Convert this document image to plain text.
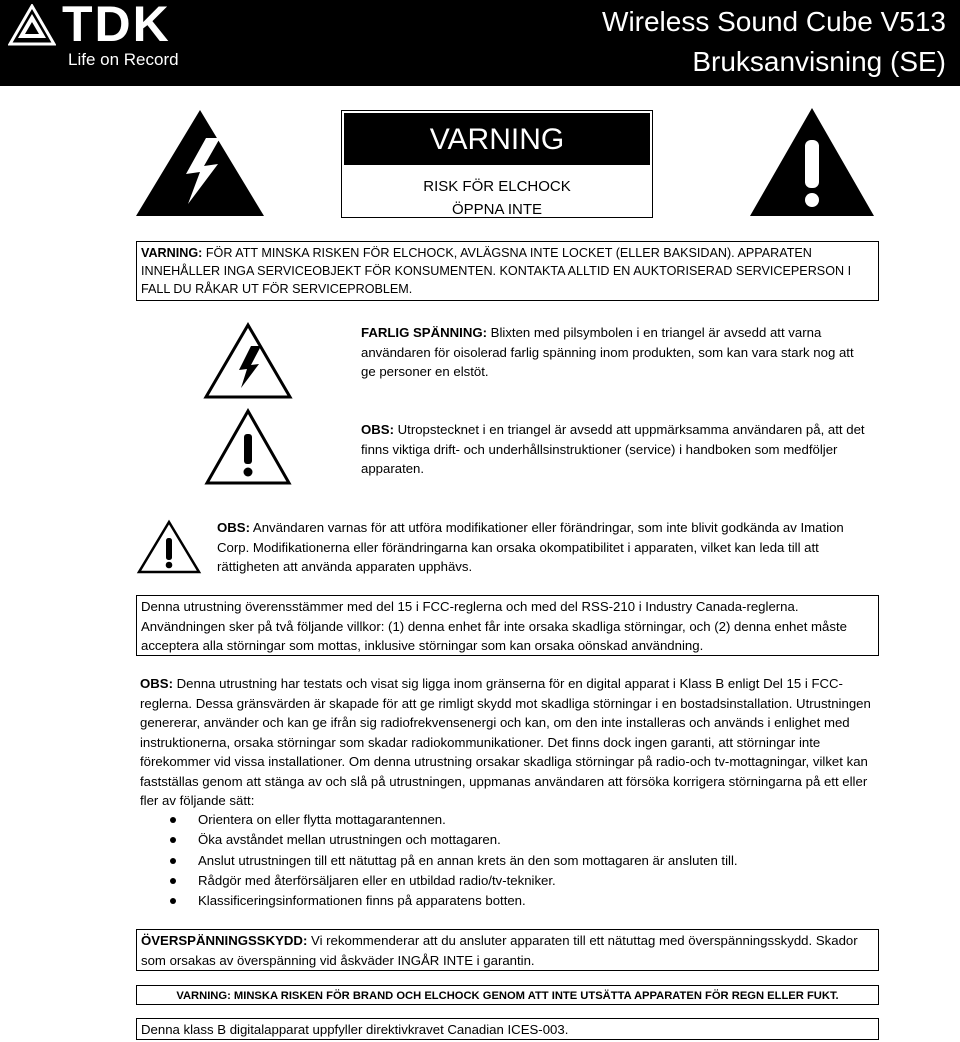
TDK
Life on Record
Wireless Sound Cube V513
Bruksanvisning (SE)
VARNING
RISK FÖR ELCHOCK
ÖPPNA INTE
VARNING: FÖR ATT MINSKA RISKEN FÖR ELCHOCK, AVLÄGSNA INTE LOCKET (ELLER BAKSIDAN). APPARATEN INNEHÅLLER INGA SERVICEOBJEKT FÖR KONSUMENTEN. KONTAKTA ALLTID EN AUKTORISERAD SERVICEPERSON I FALL DU RÅKAR UT FÖR SERVICEPROBLEM.
FARLIG SPÄNNING: Blixten med pilsymbolen i en triangel är avsedd att varna användaren för oisolerad farlig spänning inom produkten, som kan vara stark nog att ge personer en elstöt.
OBS: Utropstecknet i en triangel är avsedd att uppmärksamma användaren på, att det finns viktiga drift- och underhållsinstruktioner (service) i handboken som medföljer apparaten.
OBS: Användaren varnas för att utföra modifikationer eller förändringar, som inte blivit godkända av Imation Corp. Modifikationerna eller förändringarna kan orsaka okompatibilitet i apparaten, vilket kan leda till att rättigheten att använda apparaten upphävs.
Denna utrustning överensstämmer med del 15 i FCC-reglerna och med del RSS-210 i Industry Canada-reglerna. Användningen sker på två följande villkor: (1) denna enhet får inte orsaka skadliga störningar, och (2) denna enhet måste acceptera alla störningar som mottas, inklusive störningar som kan orsaka oönskad användning.
OBS: Denna utrustning har testats och visat sig ligga inom gränserna för en digital apparat i Klass B enligt Del 15 i FCC-reglerna. Dessa gränsvärden är skapade för att ge rimligt skydd mot skadliga störningar i en bostadsinstallation. Utrustningen genererar, använder och kan ge ifrån sig radiofrekvensenergi och kan, om den inte installeras och används i enlighet med instruktionerna, orsaka störningar som skadar radiokommunikationer. Det finns dock ingen garanti, att störningar inte förekommer vid vissa installationer. Om denna utrustning orsakar skadliga störningar på radio-och tv-mottagningar, vilket kan fastställas genom att stänga av och slå på utrustningen, uppmanas användaren att försöka korrigera störningarna på ett eller fler av följande sätt:
Orientera on eller flytta mottagarantennen.
Öka avståndet mellan utrustningen och mottagaren.
Anslut utrustningen till ett nätuttag på en annan krets än den som mottagaren är ansluten till.
Rådgör med återförsäljaren eller en utbildad radio/tv-tekniker.
Klassificeringsinformationen finns på apparatens botten.
ÖVERSPÄNNINGSSKYDD: Vi rekommenderar att du ansluter apparaten till ett nätuttag med överspänningsskydd. Skador som orsakas av överspänning vid åskväder INGÅR INTE i garantin.
VARNING: MINSKA RISKEN FÖR BRAND OCH ELCHOCK GENOM ATT INTE UTSÄTTA APPARATEN FÖR REGN ELLER FUKT.
Denna klass B digitalapparat uppfyller direktivkravet Canadian ICES-003.
